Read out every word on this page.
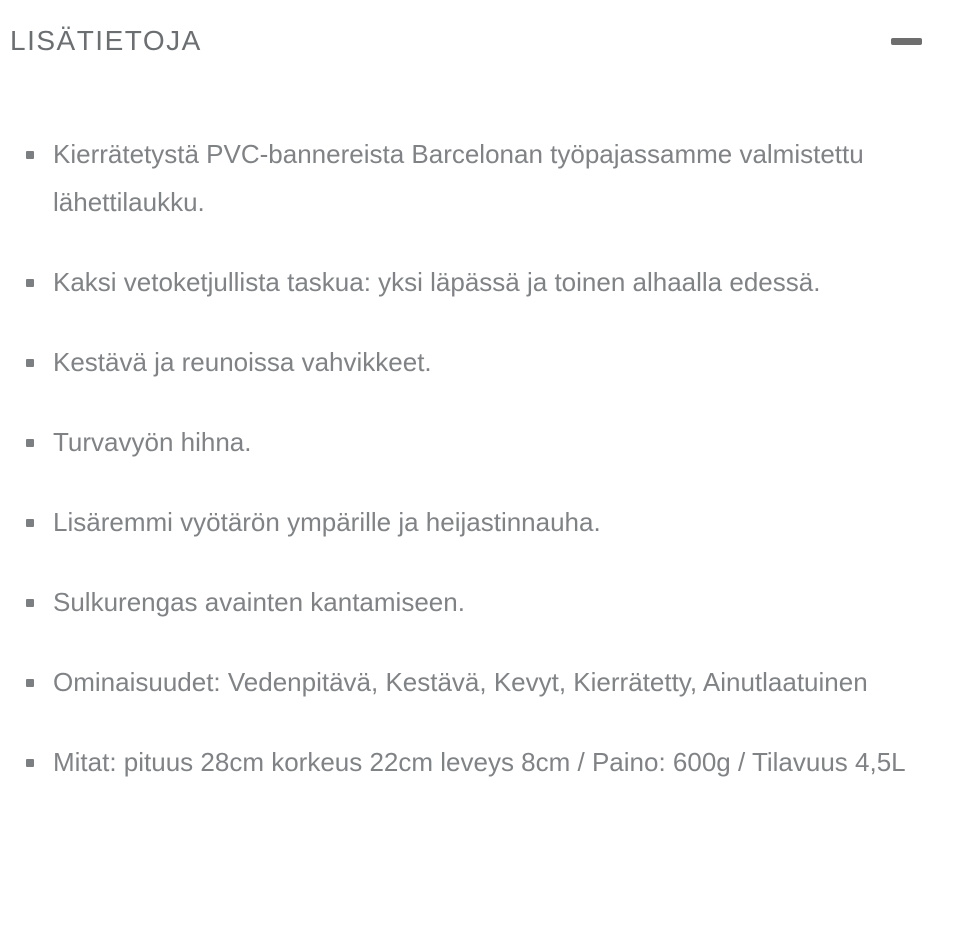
LISÄTIETOJA
Kierrätetystä PVC-bannereista Barcelonan työpajassamme valmistettu lähettilaukku.
Kaksi vetoketjullista taskua: yksi läpässä ja toinen alhaalla edessä.
Kestävä ja reunoissa vahvikkeet.
Turvavyön hihna.
Lisäremmi vyötärön ympärille ja heijastinnauha.
Sulkurengas avainten kantamiseen.
Ominaisuudet: Vedenpitävä, Kestävä, Kevyt, Kierrätetty, Ainutlaatuinen
Mitat: pituus 28cm korkeus 22cm leveys 8cm / Paino: 600g / Tilavuus 4,5L
